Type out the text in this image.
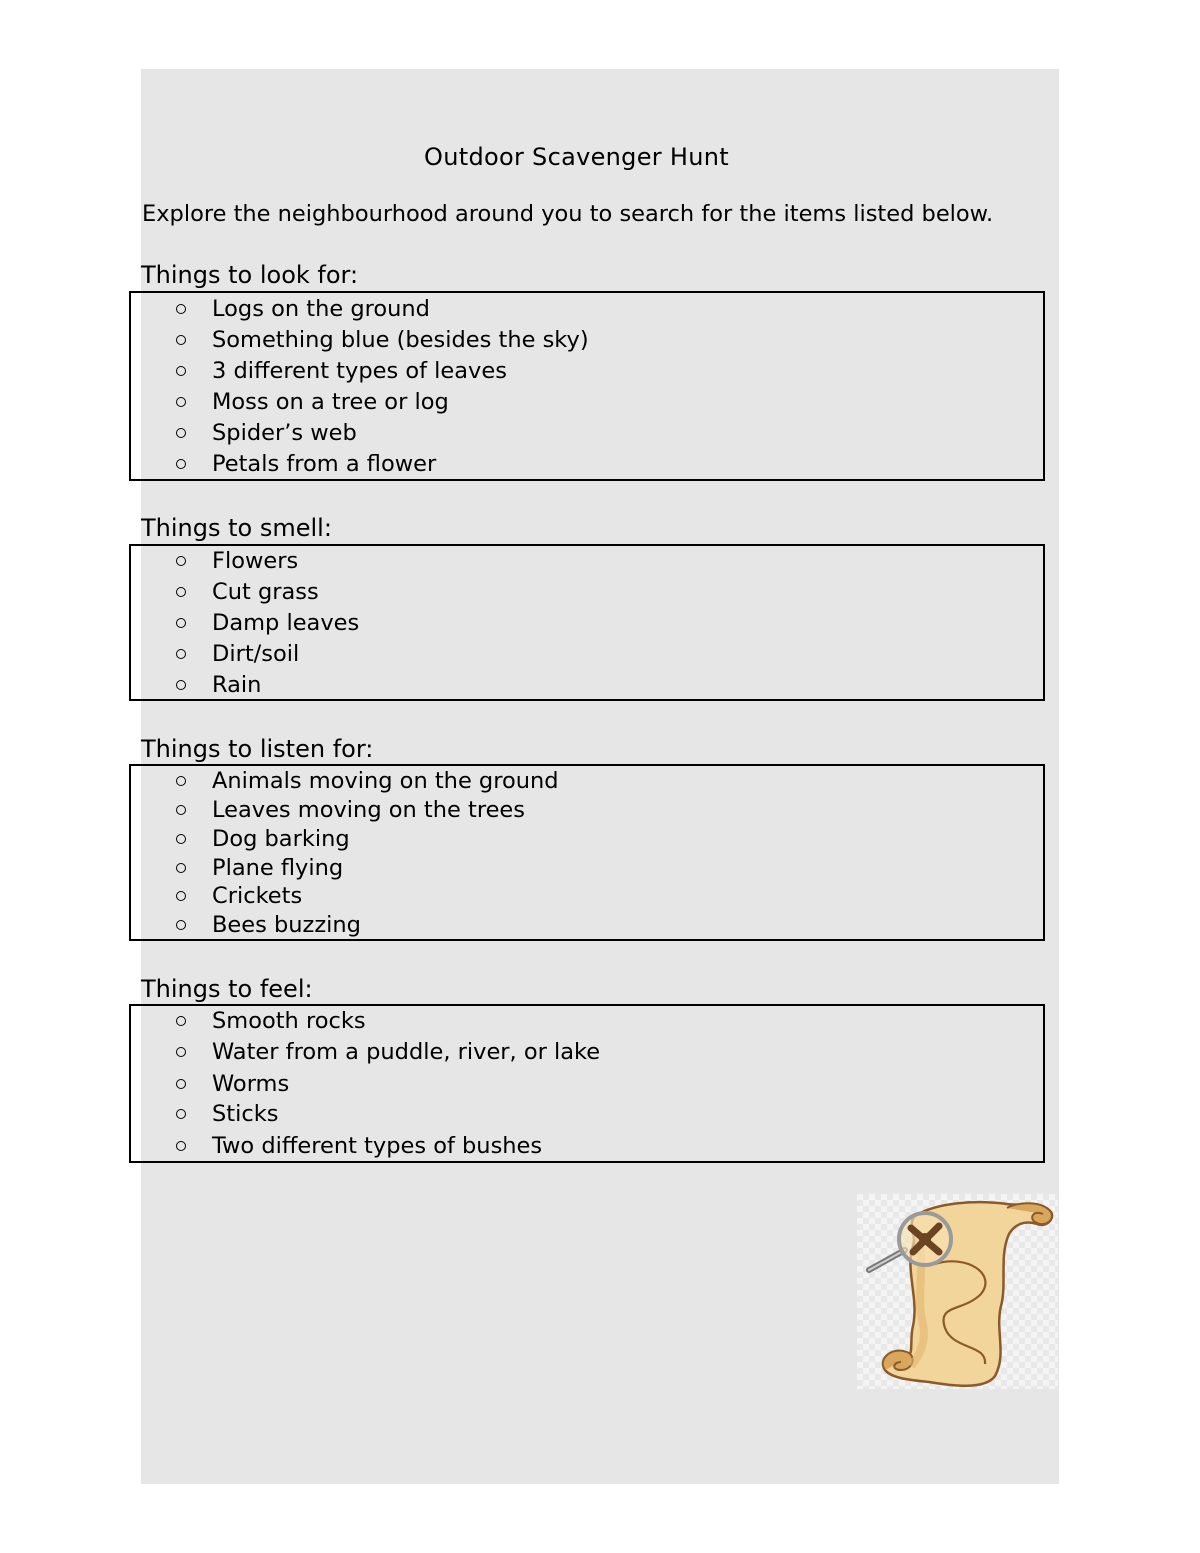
Outdoor Scavenger Hunt
Explore the neighbourhood around you to search for the items listed below.
Things to look for:
Logs on the ground
Something blue (besides the sky)
3 different types of leaves
Moss on a tree or log
Spider’s web
Petals from a flower
Things to smell:
Flowers
Cut grass
Damp leaves
Dirt/soil
Rain
Things to listen for:
Animals moving on the ground
Leaves moving on the trees
Dog barking
Plane flying
Crickets
Bees buzzing
Things to feel:
Smooth rocks
Water from a puddle, river, or lake
Worms
Sticks
Two different types of bushes
